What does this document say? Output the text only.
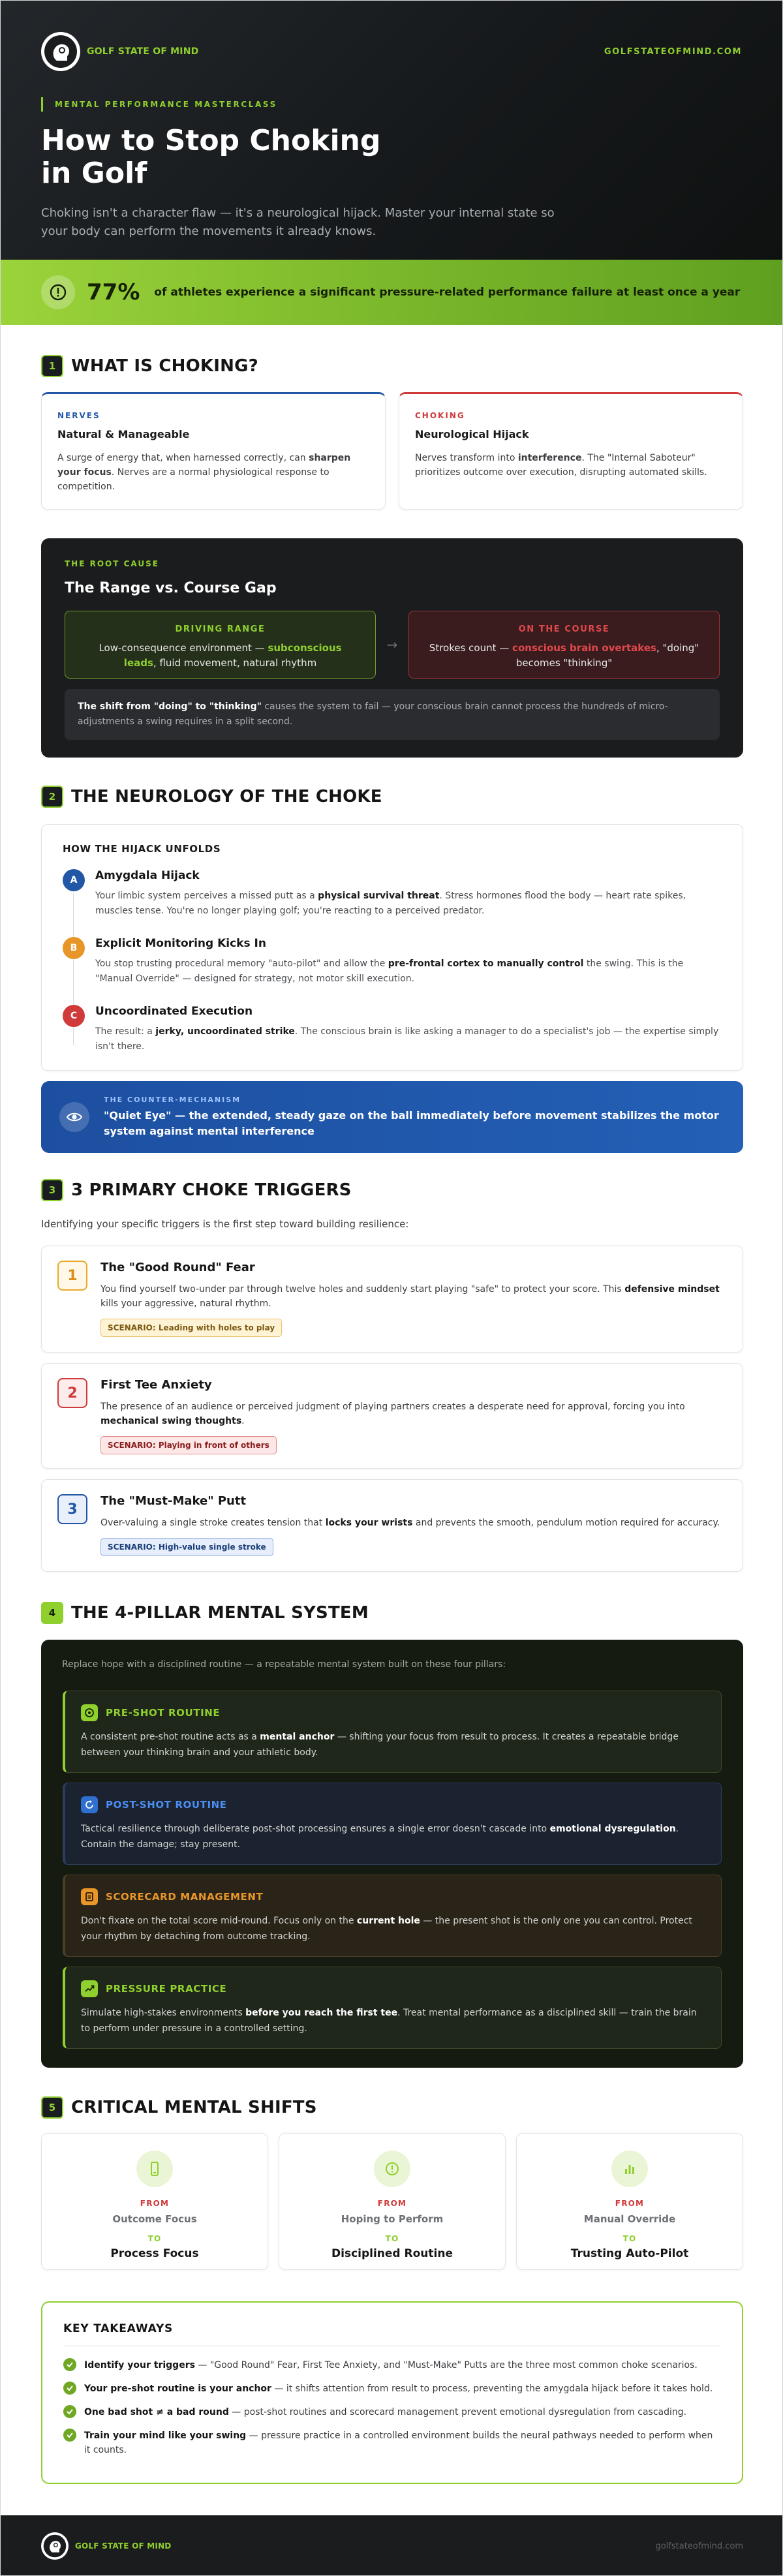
GOLF STATE OF MIND	GOLFSTATEOFMIND.COM
MENTAL PERFORMANCE MASTERCLASS
How to Stop Choking in Golf

Choking isn't a character flaw — it's a neurological hijack. Master your internal state so your body can perform the movements it already knows.

77% of athletes experience a significant pressure-related performance failure at least once a year
1 WHAT IS CHOKING?
NERVES
Natural & Manageable

A surge of energy that, when harnessed correctly, can sharpen your focus. Nerves are a normal physiological response to competition.

CHOKING
Neurological Hijack

Nerves transform into interference. The "Internal Saboteur" prioritizes outcome over execution, disrupting automated skills.

THE ROOT CAUSE
The Range vs. Course Gap
DRIVING RANGE
Low-consequence environment — subconscious leads, fluid movement, natural rhythm
→
ON THE COURSE
Strokes count — conscious brain overtakes, "doing" becomes "thinking"
The shift from "doing" to "thinking" causes the system to fail — your conscious brain cannot process the hundreds of micro-adjustments a swing requires in a split second.
2 THE NEUROLOGY OF THE CHOKE
HOW THE HIJACK UNFOLDS
A	Amygdala Hijack
Your limbic system perceives a missed putt as a physical survival threat. Stress hormones flood the body — heart rate spikes, muscles tense. You're no longer playing golf; you're reacting to a perceived predator.
B	Explicit Monitoring Kicks In
You stop trusting procedural memory "auto-pilot" and allow the pre-frontal cortex to manually control the swing. This is the "Manual Override" — designed for strategy, not motor skill execution.
C	Uncoordinated Execution
The result: a jerky, uncoordinated strike. The conscious brain is like asking a manager to do a specialist's job — the expertise simply isn't there.
THE COUNTER-MECHANISM
"Quiet Eye" — the extended, steady gaze on the ball immediately before movement stabilizes the motor system against mental interference
3 3 PRIMARY CHOKE TRIGGERS

Identifying your specific triggers is the first step toward building resilience:

1	The "Good Round" Fear
You find yourself two-under par through twelve holes and suddenly start playing "safe" to protect your score. This defensive mindset kills your aggressive, natural rhythm.
SCENARIO: Leading with holes to play
2	First Tee Anxiety
The presence of an audience or perceived judgment of playing partners creates a desperate need for approval, forcing you into mechanical swing thoughts.
SCENARIO: Playing in front of others
3	The "Must-Make" Putt
Over-valuing a single stroke creates tension that locks your wrists and prevents the smooth, pendulum motion required for accuracy.
SCENARIO: High-value single stroke
4 THE 4-PILLAR MENTAL SYSTEM

Replace hope with a disciplined routine — a repeatable mental system built on these four pillars:

PRE-SHOT ROUTINE
A consistent pre-shot routine acts as a mental anchor — shifting your focus from result to process. It creates a repeatable bridge between your thinking brain and your athletic body.
POST-SHOT ROUTINE
Tactical resilience through deliberate post-shot processing ensures a single error doesn't cascade into emotional dysregulation. Contain the damage; stay present.
SCORECARD MANAGEMENT
Don't fixate on the total score mid-round. Focus only on the current hole — the present shot is the only one you can control. Protect your rhythm by detaching from outcome tracking.
PRESSURE PRACTICE
Simulate high-stakes environments before you reach the first tee. Treat mental performance as a disciplined skill — train the brain to perform under pressure in a controlled setting.
5 CRITICAL MENTAL SHIFTS
FROM
Outcome Focus
TO
Process Focus
FROM
Hoping to Perform
TO
Disciplined Routine
FROM
Manual Override
TO
Trusting Auto-Pilot
KEY TAKEAWAYS
Identify your triggers — "Good Round" Fear, First Tee Anxiety, and "Must-Make" Putts are the three most common choke scenarios.
Your pre-shot routine is your anchor — it shifts attention from result to process, preventing the amygdala hijack before it takes hold.
One bad shot ≠ a bad round — post-shot routines and scorecard management prevent emotional dysregulation from cascading.
Train your mind like your swing — pressure practice in a controlled environment builds the neural pathways needed to perform when it counts.
GOLF STATE OF MIND	golfstateofmind.com
